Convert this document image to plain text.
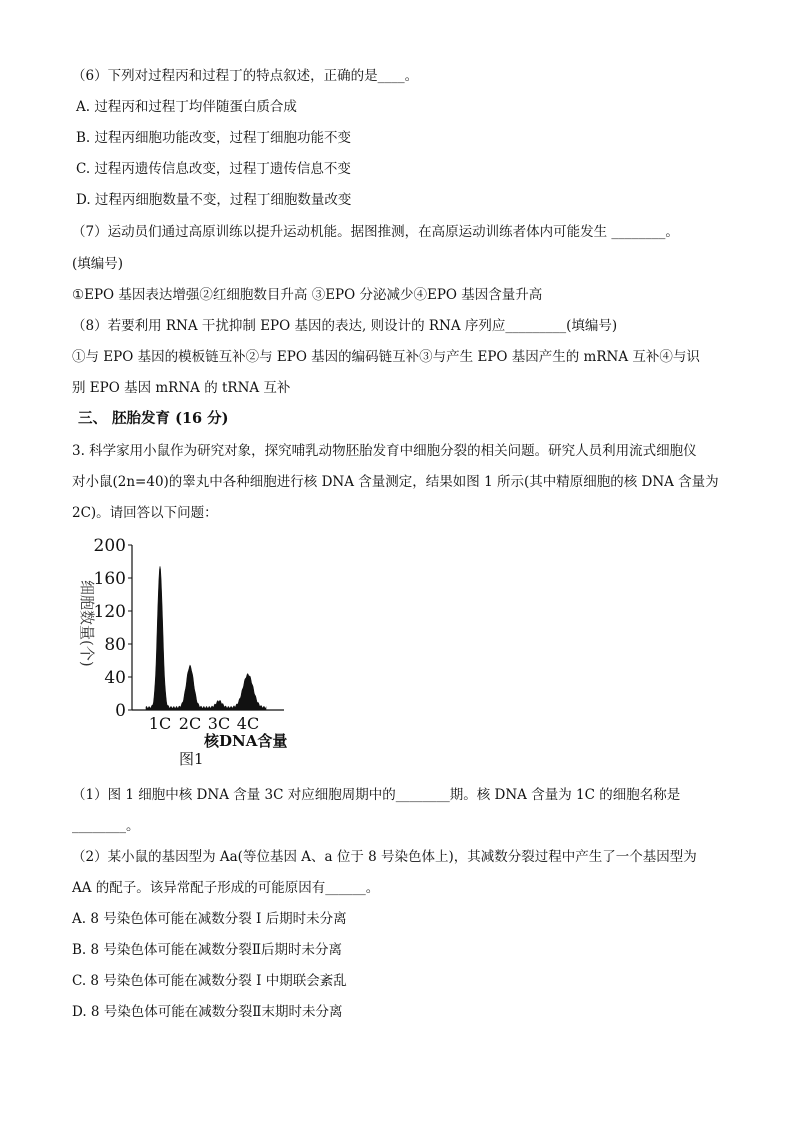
（6）下列对过程丙和过程丁的特点叙述，正确的是____。
A. 过程丙和过程丁均伴随蛋白质合成
B. 过程丙细胞功能改变，过程丁细胞功能不变
C. 过程丙遗传信息改变，过程丁遗传信息不变
D. 过程丙细胞数量不变，过程丁细胞数量改变
（7）运动员们通过高原训练以提升运动机能。据图推测，在高原运动训练者体内可能发生 ________。
(填编号)
①EPO 基因表达增强②红细胞数目升高 ③EPO 分泌减少④EPO 基因含量升高
（8）若要利用 RNA 干扰抑制 EPO 基因的表达, 则设计的 RNA 序列应_________(填编号)
①与 EPO 基因的模板链互补②与 EPO 基因的编码链互补③与产生 EPO 基因产生的 mRNA 互补④与识
别 EPO 基因 mRNA 的 tRNA 互补
三、 胚胎发育 (16 分)
3. 科学家用小鼠作为研究对象，探究哺乳动物胚胎发育中细胞分裂的相关问题。研究人员利用流式细胞仪
对小鼠(2n=40)的睾丸中各种细胞进行核 DNA 含量测定，结果如图 1 所示(其中精原细胞的核 DNA 含量为
2C)。请回答以下问题：
0
40
80
120
160
200
1C 2C 3C 4C
细胞数量(个)
核DNA含量
图1
（1）图 1 细胞中核 DNA 含量 3C 对应细胞周期中的________期。核 DNA 含量为 1C 的细胞名称是
________。
（2）某小鼠的基因型为 Aa(等位基因 A、a 位于 8 号染色体上)，其减数分裂过程中产生了一个基因型为
AA 的配子。该异常配子形成的可能原因有______。
A. 8 号染色体可能在减数分裂 I 后期时未分离
B. 8 号染色体可能在减数分裂Ⅱ后期时未分离
C. 8 号染色体可能在减数分裂 I 中期联会紊乱
D. 8 号染色体可能在减数分裂Ⅱ末期时未分离
